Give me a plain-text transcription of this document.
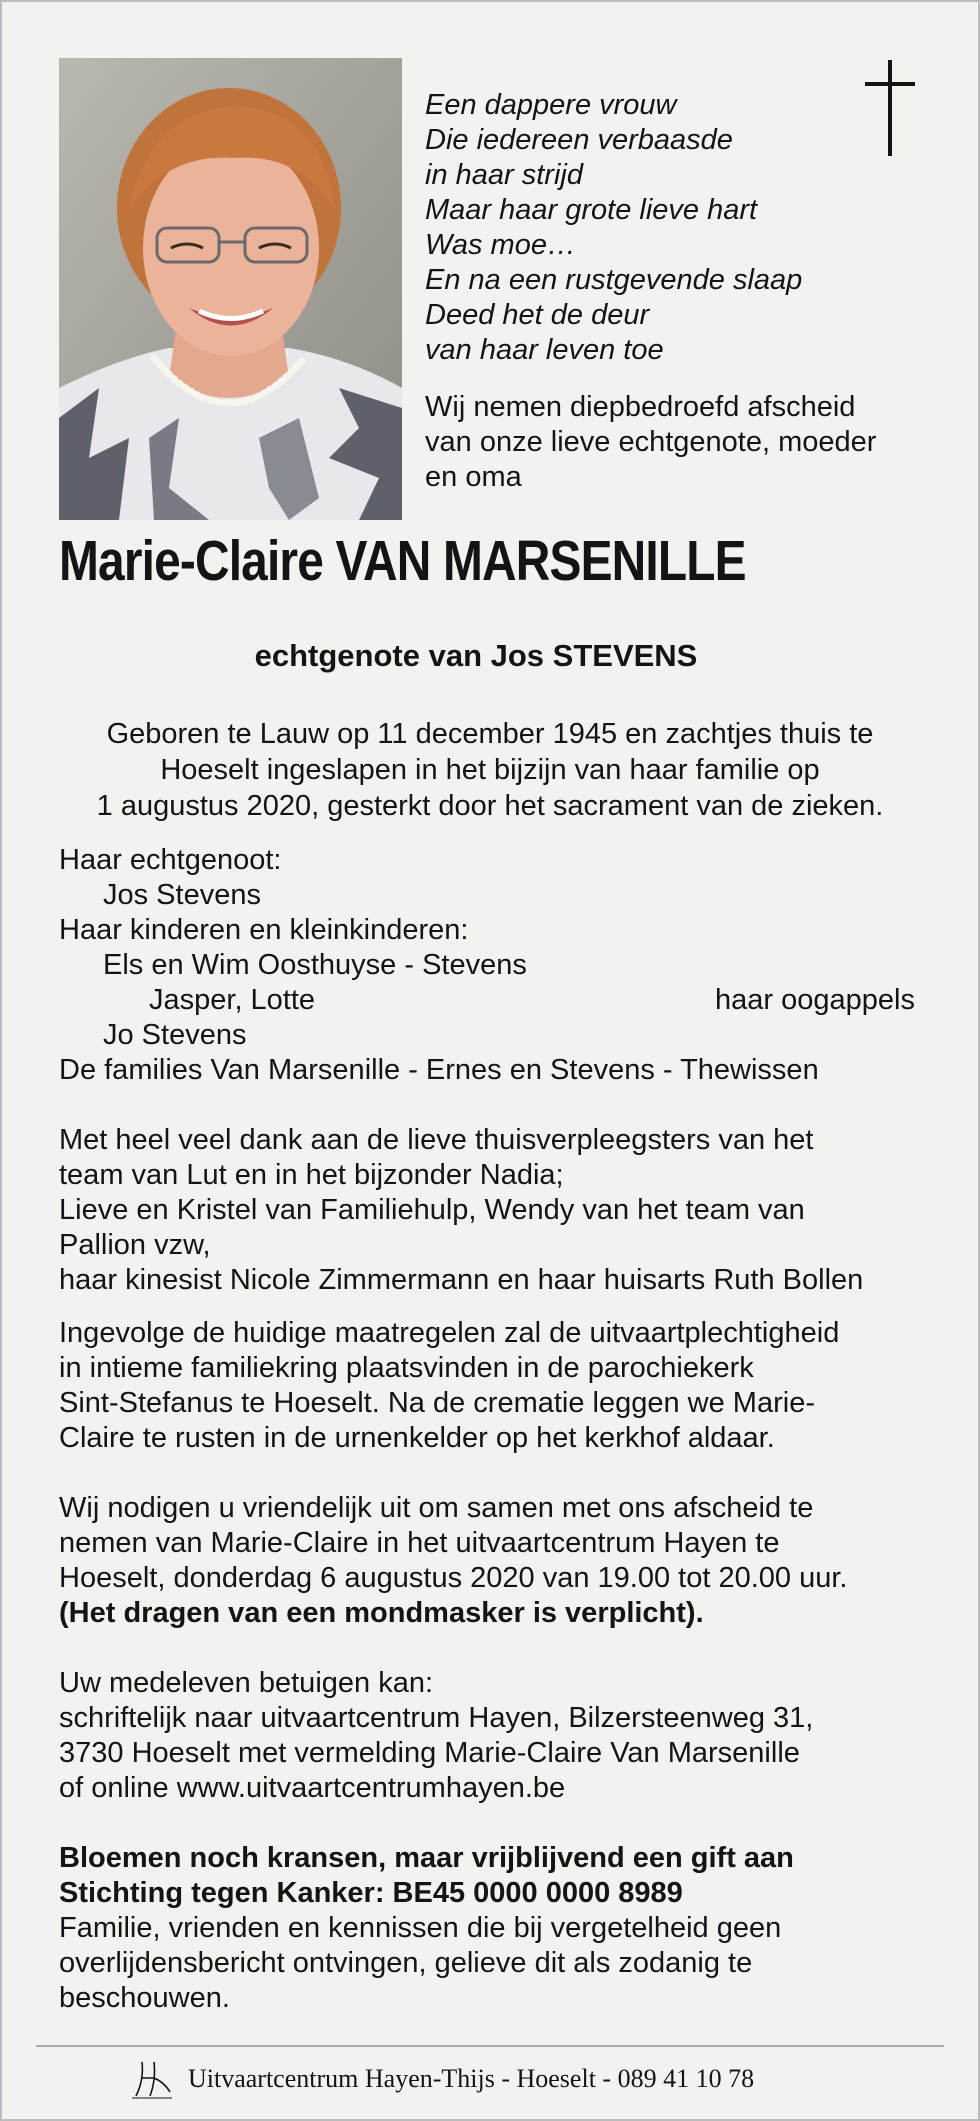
Een dappere vrouw
Die iedereen verbaasde
in haar strijd
Maar haar grote lieve hart
Was moe…
En na een rustgevende slaap
Deed het de deur
van haar leven toe
Wij nemen diepbedroefd afscheid
van onze lieve echtgenote, moeder
en oma
Marie-Claire VAN MARSENILLE
echtgenote van Jos STEVENS
Geboren te Lauw op 11 december 1945 en zachtjes thuis te
Hoeselt ingeslapen in het bijzijn van haar familie op
1 augustus 2020, gesterkt door het sacrament van de zieken.
Haar echtgenoot:
Jos Stevens
Haar kinderen en kleinkinderen:
Els en Wim Oosthuyse - Stevens
Jasper, Lotte	haar oogappels
Jo Stevens
De families Van Marsenille - Ernes en Stevens - Thewissen
Met heel veel dank aan de lieve thuisverpleegsters van het
team van Lut en in het bijzonder Nadia;
Lieve en Kristel van Familiehulp, Wendy van het team van
Pallion vzw,
haar kinesist Nicole Zimmermann en haar huisarts Ruth Bollen
Ingevolge de huidige maatregelen zal de uitvaartplechtigheid
in intieme familiekring plaatsvinden in de parochiekerk
Sint-Stefanus te Hoeselt. Na de crematie leggen we Marie-
Claire te rusten in de urnenkelder op het kerkhof aldaar.
Wij nodigen u vriendelijk uit om samen met ons afscheid te
nemen van Marie-Claire in het uitvaartcentrum Hayen te
Hoeselt, donderdag 6 augustus 2020 van 19.00 tot 20.00 uur.
(Het dragen van een mondmasker is verplicht).
Uw medeleven betuigen kan:
schriftelijk naar uitvaartcentrum Hayen, Bilzersteenweg 31,
3730 Hoeselt met vermelding Marie-Claire Van Marsenille
of online www.uitvaartcentrumhayen.be
Bloemen noch kransen, maar vrijblijvend een gift aan
Stichting tegen Kanker: BE45 0000 0000 8989
Familie, vrienden en kennissen die bij vergetelheid geen
overlijdensbericht ontvingen, gelieve dit als zodanig te
beschouwen.
Uitvaartcentrum Hayen-Thijs - Hoeselt - 089 41 10 78
